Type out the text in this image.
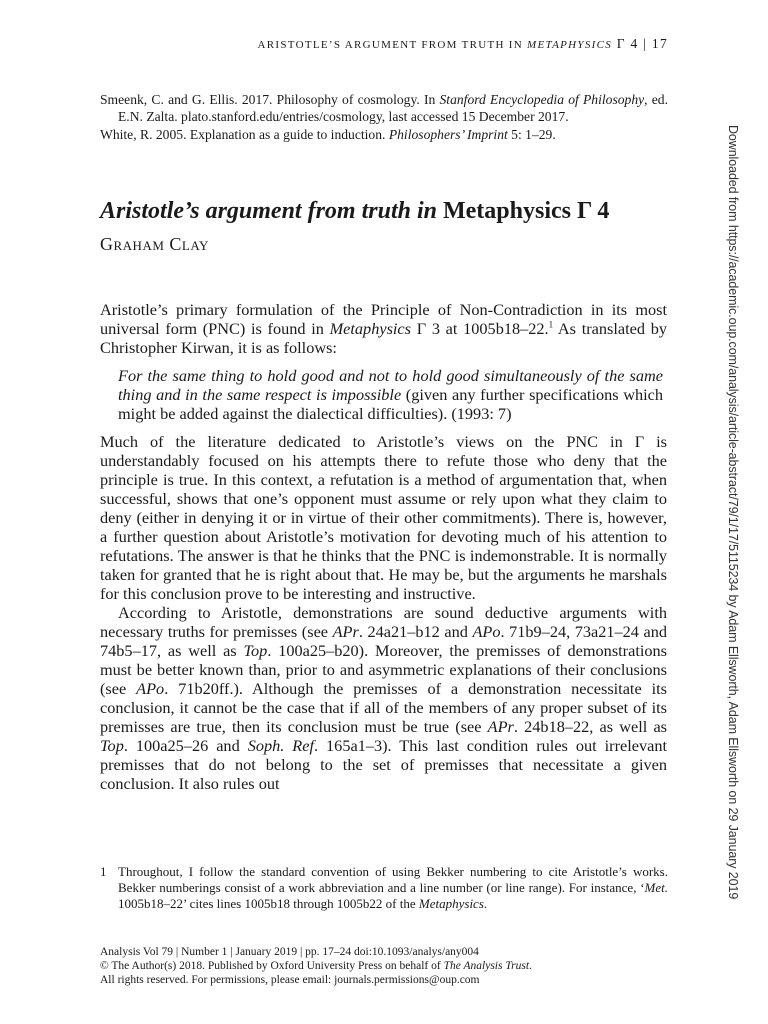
ARISTOTLE’S ARGUMENT FROM TRUTH IN METAPHYSICS Γ 4 | 17
Smeenk, C. and G. Ellis. 2017. Philosophy of cosmology. In Stanford Encyclopedia of Philosophy, ed. E.N. Zalta. plato.stanford.edu/entries/cosmology, last accessed 15 December 2017.
White, R. 2005. Explanation as a guide to induction. Philosophers’ Imprint 5: 1–29.
Aristotle’s argument from truth in Metaphysics Γ 4
Graham Clay

Aristotle’s primary formulation of the Principle of Non-Contradiction in its most universal form (PNC) is found in Metaphysics Γ 3 at 1005b18–22.$^1$ As translated by Christopher Kirwan, it is as follows:

For the same thing to hold good and not to hold good simultaneously of the same thing and in the same respect is impossible (given any further specifications which might be added against the dialectical difficulties). (1993: 7)

Much of the literature dedicated to Aristotle’s views on the PNC in Γ is understandably focused on his attempts there to refute those who deny that the principle is true. In this context, a refutation is a method of argumentation that, when successful, shows that one’s opponent must assume or rely upon what they claim to deny (either in denying it or in virtue of their other commitments). There is, however, a further question about Aristotle’s motivation for devoting much of his attention to refutations. The answer is that he thinks that the PNC is indemonstrable. It is normally taken for granted that he is right about that. He may be, but the arguments he marshals for this conclusion prove to be interesting and instructive.

According to Aristotle, demonstrations are sound deductive arguments with necessary truths for premisses (see APr. 24a21–b12 and APo. 71b9–24, 73a21–24 and 74b5–17, as well as Top. 100a25–b20). Moreover, the premisses of demonstrations must be better known than, prior to and asymmetric explanations of their conclusions (see APo. 71b20ff.). Although the premisses of a demonstration necessitate its conclusion, it cannot be the case that if all of the members of any proper subset of its premisses are true, then its conclusion must be true (see APr. 24b18–22, as well as Top. 100a25–26 and Soph. Ref. 165a1–3). This last condition rules out irrelevant premisses that do not belong to the set of premisses that necessitate a given conclusion. It also rules out

1 Throughout, I follow the standard convention of using Bekker numbering to cite Aristotle’s works. Bekker numberings consist of a work abbreviation and a line number (or line range). For instance, ‘Met. 1005b18–22’ cites lines 1005b18 through 1005b22 of the Metaphysics.
Analysis Vol 79 | Number 1 | January 2019 | pp. 17–24 doi:10.1093/analys/any004
© The Author(s) 2018. Published by Oxford University Press on behalf of The Analysis Trust.
All rights reserved. For permissions, please email: journals.permissions@oup.com
Downloaded from https://academic.oup.com/analysis/article-abstract/79/1/17/5115234 by Adam Ellsworth, Adam Ellsworth on 29 January 2019
